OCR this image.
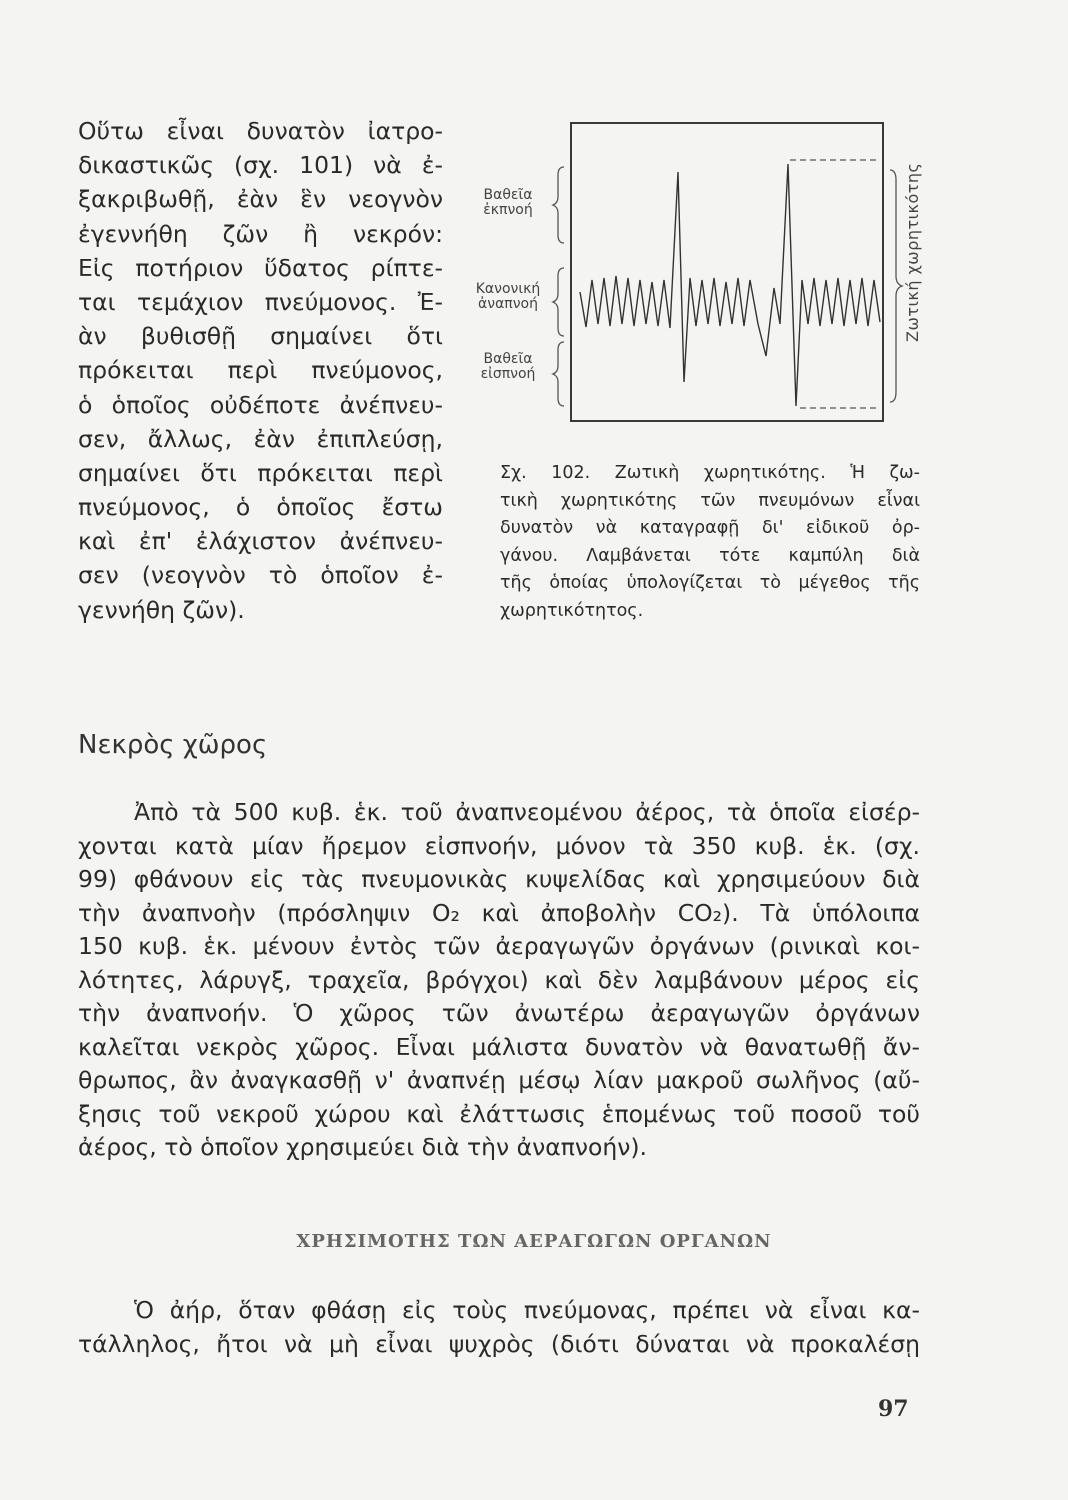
Οὕτω εἶναι δυνατὸν ἰατρο-
δικαστικῶς (σχ. 101) νὰ ἐ-
ξακριβωθῇ, ἐὰν ἓν νεογνὸν
ἐγεννήθη ζῶν ἢ νεκρόν:
Εἰς ποτήριον ὕδατος ρίπτε-
ται τεμάχιον πνεύμονος. Ἐ-
ὰν βυθισθῇ σημαίνει ὅτι
πρόκειται περὶ πνεύμονος,
ὁ ὁποῖος οὐδέποτε ἀνέπνευ-
σεν, ἄλλως, ἐὰν ἐπιπλεύσῃ,
σημαίνει ὅτι πρόκειται περὶ
πνεύμονος, ὁ ὁποῖος ἔστω
καὶ ἐπ' ἐλάχιστον ἀνέπνευ-
σεν (νεογνὸν τὸ ὁποῖον ἐ-
γεννήθη ζῶν).
Βαθεῖα
ἐκπνοή
Κανονική
ἀναπνοή
Βαθεῖα
εἰσπνοή
Ζωτική χωρητικότης
Σχ. 102. Ζωτικὴ χωρητικότης. Ἡ ζω-
τικὴ χωρητικότης τῶν πνευμόνων εἶναι
δυνατὸν νὰ καταγραφῇ δι' εἰδικοῦ ὀρ-
γάνου. Λαμβάνεται τότε καμπύλη διὰ
τῆς ὁποίας ὑπολογίζεται τὸ μέγεθος τῆς
χωρητικότητος.
Νεκρὸς χῶρος
Ἀπὸ τὰ 500 κυβ. ἑκ. τοῦ ἀναπνεομένου ἀέρος, τὰ ὁποῖα εἰσέρ-
χονται κατὰ μίαν ἤρεμον εἰσπνοήν, μόνον τὰ 350 κυβ. ἑκ. (σχ.
99) φθάνουν εἰς τὰς πνευμονικὰς κυψελίδας καὶ χρησιμεύουν διὰ
τὴν ἀναπνοὴν (πρόσληψιν O₂ καὶ ἀποβολὴν CO₂). Τὰ ὑπόλοιπα
150 κυβ. ἑκ. μένουν ἐντὸς τῶν ἀεραγωγῶν ὀργάνων (ρινικαὶ κοι-
λότητες, λάρυγξ, τραχεῖα, βρόγχοι) καὶ δὲν λαμβάνουν μέρος εἰς
τὴν ἀναπνοήν. Ὁ χῶρος τῶν ἀνωτέρω ἀεραγωγῶν ὀργάνων
καλεῖται νεκρὸς χῶρος. Εἶναι μάλιστα δυνατὸν νὰ θανατωθῇ ἄν-
θρωπος, ἂν ἀναγκασθῇ ν' ἀναπνέῃ μέσῳ λίαν μακροῦ σωλῆνος (αὔ-
ξησις τοῦ νεκροῦ χώρου καὶ ἐλάττωσις ἑπομένως τοῦ ποσοῦ τοῦ
ἀέρος, τὸ ὁποῖον χρησιμεύει διὰ τὴν ἀναπνοήν).
ΧΡΗΣΙΜΟΤΗΣ ΤΩΝ ΑΕΡΑΓΩΓΩΝ ΟΡΓΑΝΩΝ
Ὁ ἀήρ, ὅταν φθάσῃ εἰς τοὺς πνεύμονας, πρέπει νὰ εἶναι κα-
τάλληλος, ἤτοι νὰ μὴ εἶναι ψυχρὸς (διότι δύναται νὰ προκαλέσῃ
97
